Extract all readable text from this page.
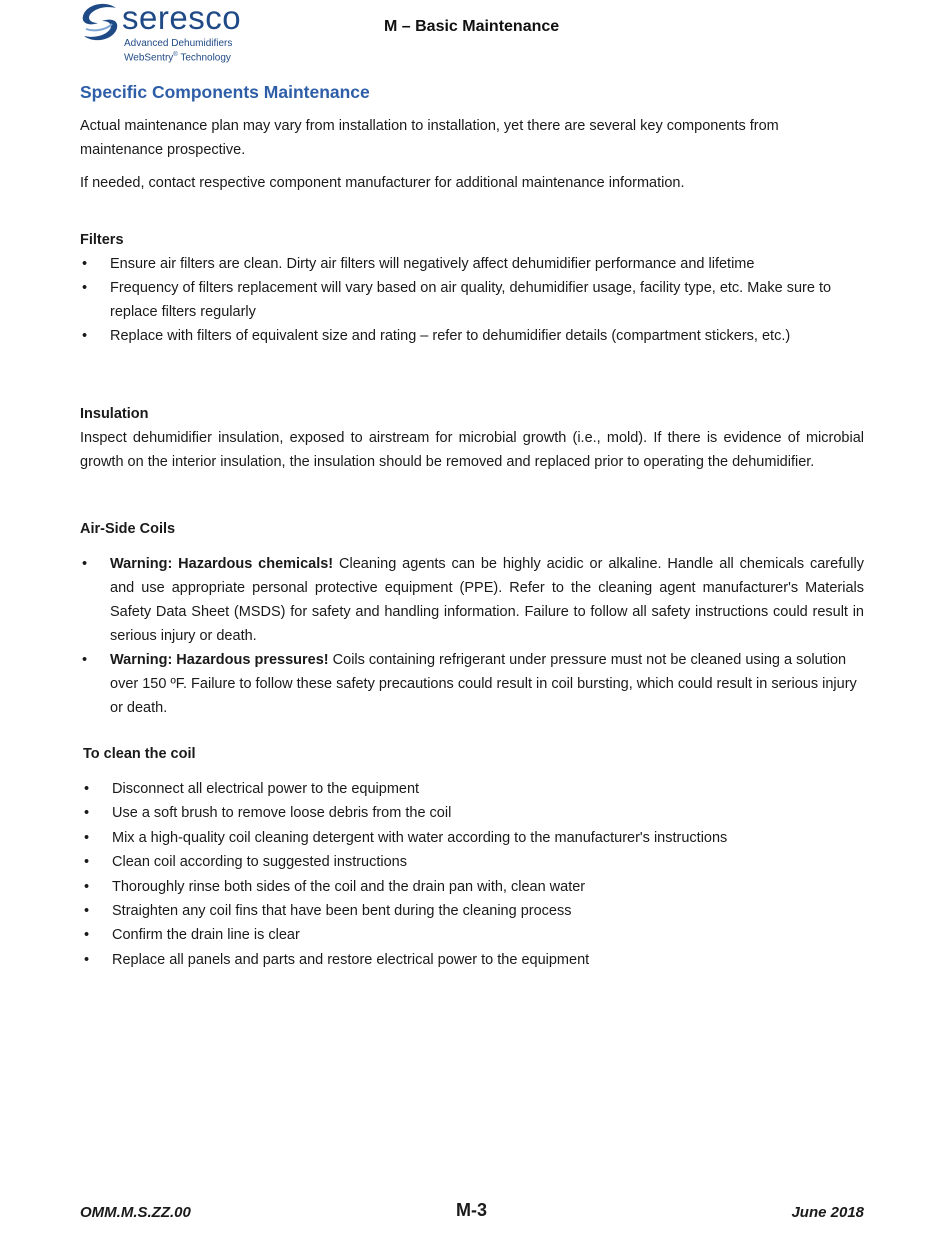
seresco
Advanced Dehumidifiers
WebSentry® Technology
M – Basic Maintenance
Specific Components Maintenance

Actual maintenance plan may vary from installation to installation, yet there are several key components from maintenance prospective.

If needed, contact respective component manufacturer for additional maintenance information.

Filters
• Ensure air filters are clean. Dirty air filters will negatively affect dehumidifier performance and lifetime
• Frequency of filters replacement will vary based on air quality, dehumidifier usage, facility type, etc. Make sure to replace filters regularly
• Replace with filters of equivalent size and rating – refer to dehumidifier details (compartment stickers, etc.)
Insulation

Inspect dehumidifier insulation, exposed to airstream for microbial growth (i.e., mold). If there is evidence of microbial growth on the interior insulation, the insulation should be removed and replaced prior to operating the dehumidifier.

Air-Side Coils
• Warning: Hazardous chemicals! Cleaning agents can be highly acidic or alkaline. Handle all chemicals carefully and use appropriate personal protective equipment (PPE). Refer to the cleaning agent manufacturer's Materials Safety Data Sheet (MSDS) for safety and handling information. Failure to follow all safety instructions could result in serious injury or death.
• Warning: Hazardous pressures! Coils containing refrigerant under pressure must not be cleaned using a solution over 150 ºF. Failure to follow these safety precautions could result in coil bursting, which could result in serious injury or death.
To clean the coil
• Disconnect all electrical power to the equipment
• Use a soft brush to remove loose debris from the coil
• Mix a high-quality coil cleaning detergent with water according to the manufacturer's instructions
• Clean coil according to suggested instructions
• Thoroughly rinse both sides of the coil and the drain pan with, clean water
• Straighten any coil fins that have been bent during the cleaning process
• Confirm the drain line is clear
• Replace all panels and parts and restore electrical power to the equipment
OMM.M.S.ZZ.00	M-3	June 2018
